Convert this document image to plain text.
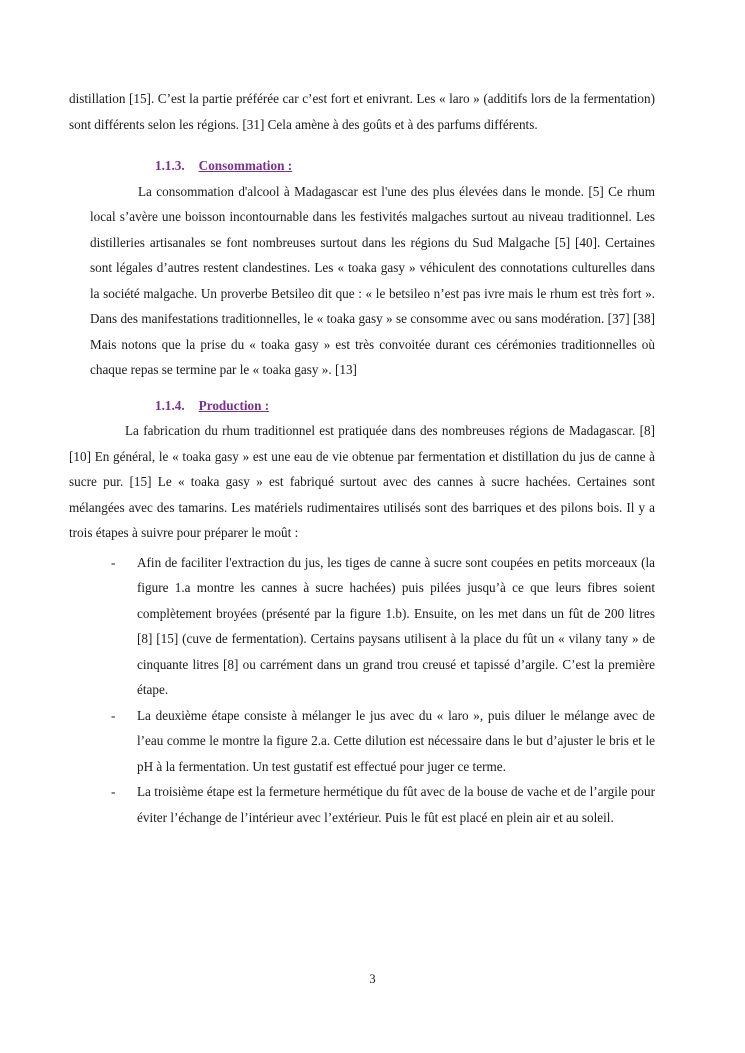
distillation [15]. C’est la partie préférée car c’est fort et enivrant. Les « laro » (additifs lors de la fermentation) sont différents selon les régions. [31] Cela amène à des goûts et à des parfums différents.

1.1.3. Consommation :

La consommation d'alcool à Madagascar est l'une des plus élevées dans le monde. [5] Ce rhum local s’avère une boisson incontournable dans les festivités malgaches surtout au niveau traditionnel. Les distilleries artisanales se font nombreuses surtout dans les régions du Sud Malgache [5] [40]. Certaines sont légales d’autres restent clandestines. Les « toaka gasy » véhiculent des connotations culturelles dans la société malgache. Un proverbe Betsileo dit que : « le betsileo n’est pas ivre mais le rhum est très fort ». Dans des manifestations traditionnelles, le « toaka gasy » se consomme avec ou sans modération. [37] [38] Mais notons que la prise du « toaka gasy » est très convoitée durant ces cérémonies traditionnelles où chaque repas se termine par le « toaka gasy ». [13]

1.1.4. Production :

La fabrication du rhum traditionnel est pratiquée dans des nombreuses régions de Madagascar. [8] [10] En général, le « toaka gasy » est une eau de vie obtenue par fermentation et distillation du jus de canne à sucre pur. [15] Le « toaka gasy » est fabriqué surtout avec des cannes à sucre hachées. Certaines sont mélangées avec des tamarins. Les matériels rudimentaires utilisés sont des barriques et des pilons bois. Il y a trois étapes à suivre pour préparer le moût :

- Afin de faciliter l'extraction du jus, les tiges de canne à sucre sont coupées en petits morceaux (la figure 1.a montre les cannes à sucre hachées) puis pilées jusqu’à ce que leurs fibres soient complètement broyées (présenté par la figure 1.b). Ensuite, on les met dans un fût de 200 litres [8] [15] (cuve de fermentation). Certains paysans utilisent à la place du fût un « vilany tany » de cinquante litres [8] ou carrément dans un grand trou creusé et tapissé d’argile. C’est la première étape.
- La deuxième étape consiste à mélanger le jus avec du « laro », puis diluer le mélange avec de l’eau comme le montre la figure 2.a. Cette dilution est nécessaire dans le but d’ajuster le bris et le pH à la fermentation. Un test gustatif est effectué pour juger ce terme.
- La troisième étape est la fermeture hermétique du fût avec de la bouse de vache et de l’argile pour éviter l’échange de l’intérieur avec l’extérieur. Puis le fût est placé en plein air et au soleil.
3
